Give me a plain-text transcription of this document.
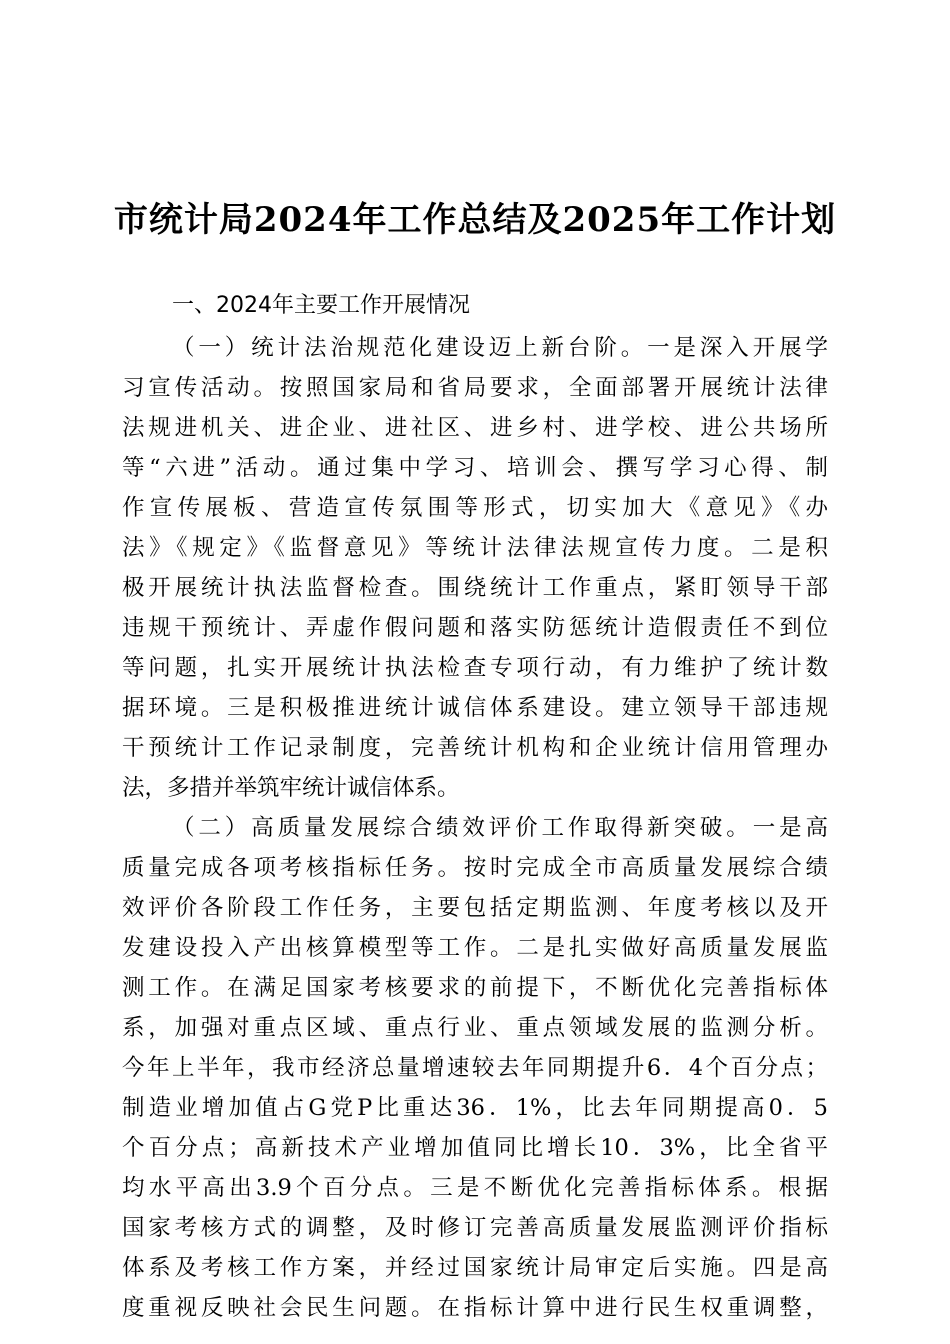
市统计局2024年工作总结及2025年工作计划
一、2024年主要工作开展情况
（一）统计法治规范化建设迈上新台阶。一是深入开展学
习宣传活动。按照国家局和省局要求，全面部署开展统计法律
法规进机关、进企业、进社区、进乡村、进学校、进公共场所
等“六进”活动。通过集中学习、培训会、撰写学习心得、制
作宣传展板、营造宣传氛围等形式，切实加大《意见》《办
法》《规定》《监督意见》等统计法律法规宣传力度。二是积
极开展统计执法监督检查。围绕统计工作重点，紧盯领导干部
违规干预统计、弄虚作假问题和落实防惩统计造假责任不到位
等问题，扎实开展统计执法检查专项行动，有力维护了统计数
据环境。三是积极推进统计诚信体系建设。建立领导干部违规
干预统计工作记录制度，完善统计机构和企业统计信用管理办
法，多措并举筑牢统计诚信体系。
（二）高质量发展综合绩效评价工作取得新突破。一是高
质量完成各项考核指标任务。按时完成全市高质量发展综合绩
效评价各阶段工作任务，主要包括定期监测、年度考核以及开
发建设投入产出核算模型等工作。二是扎实做好高质量发展监
测工作。在满足国家考核要求的前提下，不断优化完善指标体
系，加强对重点区域、重点行业、重点领域发展的监测分析。
今年上半年，我市经济总量增速较去年同期提升6．4个百分点；
制造业增加值占G党P比重达36．1%，比去年同期提高0．5
个百分点；高新技术产业增加值同比增长10．3%，比全省平
均水平高出3.9个百分点。三是不断优化完善指标体系。根据
国家考核方式的调整，及时修订完善高质量发展监测评价指标
体系及考核工作方案，并经过国家统计局审定后实施。四是高
度重视反映社会民生问题。在指标计算中进行民生权重调整，
